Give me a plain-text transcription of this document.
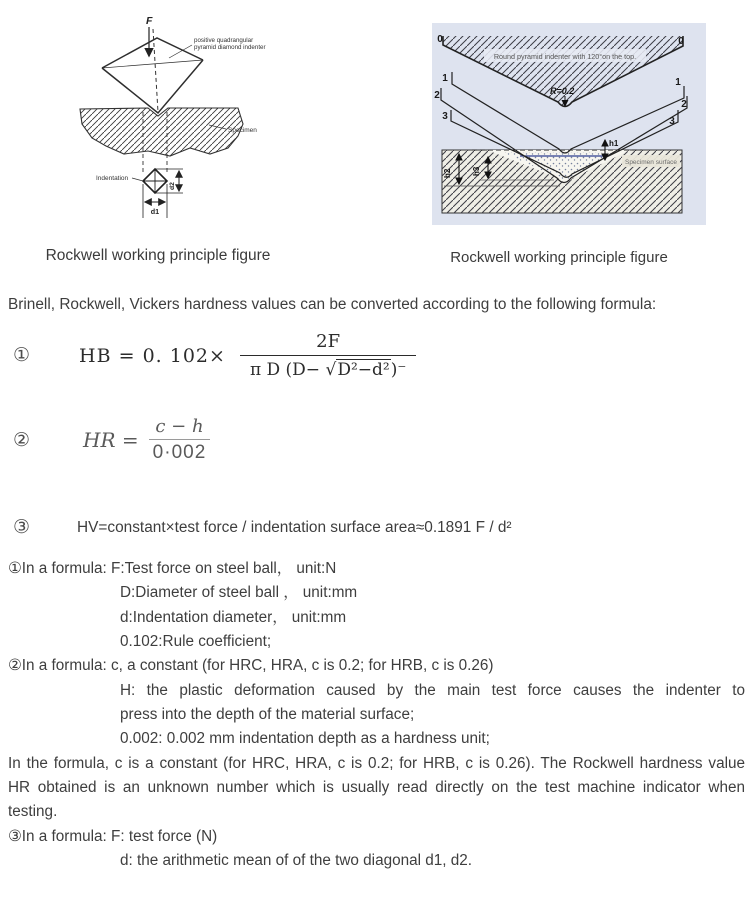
F
positive quadrangular
pyramid diamond indenter
Specimen
Indentation
d2
d1
Rockwell working principle figure
Round pyramid indenter with 120°on the top.
R=0.2
0	0
1	1
2
2
3	3
h1
h2	h3
Specimen surface
Rockwell working principle figure

Brinell, Rockwell, Vickers hardness values can be converted according to the following formula:

①	HB = 0. $102\times \frac{2F}{\text{π D (D− √D²−d²)⁻}}$
②	HR = $\frac{c - h}{0\cdot 002}$
③	HV=constant×test force / indentation surface area≈0.1891 F / d²
①In a formula: F:Test force on steel ball， unit:N
D:Diameter of steel ball ， unit:mm
d:Indentation diameter， unit:mm
0.102:Rule coefficient;
②In a formula: c, a constant (for HRC, HRA, c is 0.2; for HRB, c is 0.26)
H: the plastic deformation caused by the main test force causes the indenter to
press into the depth of the material surface;
0.002: 0.002 mm indentation depth as a hardness unit;
In the formula, c is a constant (for HRC, HRA, c is 0.2; for HRB, c is 0.26). The Rockwell hardness value
HR obtained is an unknown number which is usually read directly on the test machine indicator when
testing.
③In a formula: F: test force (N)
d: the arithmetic mean of of the two diagonal d1, d2.
